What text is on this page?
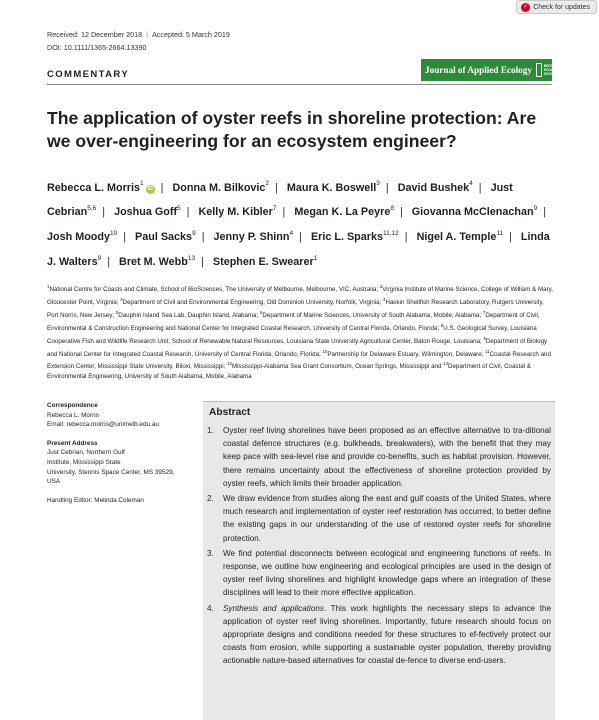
✓ Check for updates
Received: 12 December 2018 | Accepted: 5 March 2019
DOI: 10.1111/1365-2664.13390
COMMENTARY	Journal of Applied Ecology	BRITISH
ECOLOGICAL
SOCIETY
The application of oyster reefs in shoreline protection: Are we over-engineering for an ecosystem engineer?
Rebecca L. Morris$^1$iD | Donna M. Bilkovic$^2$ | Maura K. Boswell$^3$ | David Bushek$^4$ | Just Cebrian$^{5,6}$ | Joshua Goff$^5$ | Kelly M. Kibler$^7$ | Megan K. La Peyre$^8$ | Giovanna McClenachan$^9$ | Josh Moody$^{10}$ | Paul Sacks$^9$ | Jenny P. Shinn$^4$ | Eric L. Sparks$^{11,12}$ | Nigel A. Temple$^{11}$ | Linda J. Walters$^9$ | Bret M. Webb$^{13}$ | Stephen E. Swearer$^1$
$^1$National Centre for Coasts and Climate, School of BioSciences, The University of Melbourne, Melbourne, VIC, Australia; $^2$Virginia Institute of Marine Science, College of William & Mary, Gloucester Point, Virginia; $^3$Department of Civil and Environmental Engineering, Old Dominion University, Norfolk, Virginia; $^4$Haskin Shellfish Research Laboratory, Rutgers University, Port Norris, New Jersey; $^5$Dauphin Island Sea Lab, Dauphin Island, Alabama; $^6$Department of Marine Sciences, University of South Alabama, Mobile, Alabama; $^7$Department of Civil, Environmental & Construction Engineering and National Center for Integrated Coastal Research, University of Central Florida, Orlando, Florida; $^8$U.S. Geological Survey, Louisiana Cooperative Fish and Wildlife Research Unit, School of Renewable Natural Resources, Louisiana State University Agricultural Center, Baton Rouge, Louisiana; $^9$Department of Biology and National Center for Integrated Coastal Research, University of Central Florida, Orlando, Florida; $^{10}$Partnership for Delaware Estuary, Wilmington, Delaware; $^{11}$Coastal Research and Extension Center, Mississippi State University, Biloxi, Mississippi; $^{12}$Mississippi-Alabama Sea Grant Consortium, Ocean Springs, Mississippi and $^{13}$Department of Civil, Coastal & Environmental Engineering, University of South Alabama, Mobile, Alabama
Correspondence
Rebecca L. Morris
Email: rebecca.morris@unimelb.edu.au
Present Address
Just Cebrian, Northern Gulf
Institute, Mississippi State
University, Stennis Space Center, MS 39529,
USA
Handling Editor: Melinda Coleman
Abstract
1.	Oyster reef living shorelines have been proposed as an effective alternative to tra-ditional coastal defence structures (e.g. bulkheads, breakwaters), with the benefit that they may keep pace with sea-level rise and provide co-benefits, such as habitat provision. However, there remains uncertainty about the effectiveness of shoreline protection provided by oyster reefs, which limits their broader application.
2.	We draw evidence from studies along the east and gulf coasts of the United States, where much research and implementation of oyster reef restoration has occurred, to better define the existing gaps in our understanding of the use of restored oyster reefs for shoreline protection.
3.	We find potential disconnects between ecological and engineering functions of reefs. In response, we outline how engineering and ecological principles are used in the design of oyster reef living shorelines and highlight knowledge gaps where an integration of these disciplines will lead to their more effective application.
4.	Synthesis and applications. This work highlights the necessary steps to advance the application of oyster reef living shorelines. Importantly, future research should focus on appropriate designs and conditions needed for these structures to ef-fectively protect our coasts from erosion, while supporting a sustainable oyster population, thereby providing actionable nature-based alternatives for coastal de-fence to diverse end-users.
